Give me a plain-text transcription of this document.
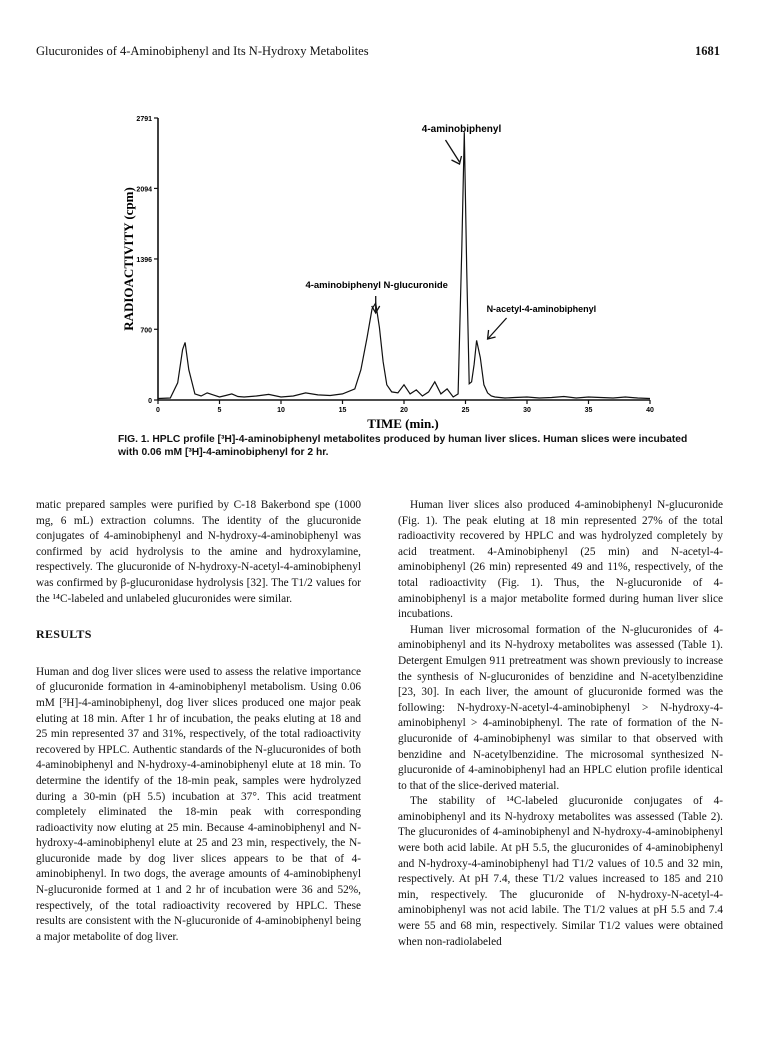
Glucuronides of 4-Aminobiphenyl and Its N-Hydroxy Metabolites	1681
0
700
1396
2094
2791
0	5	10	15	20	25	30	35	40
RADIOACTIVITY (cpm)
TIME (min.)
4-aminobiphenyl
4-aminobiphenyl N-glucuronide
N-acetyl-4-aminobiphenyl
FIG. 1. HPLC profile [³H]-4-aminobiphenyl metabolites produced by human liver slices. Human slices were incubated with 0.06 mM [³H]-4-aminobiphenyl for 2 hr.

matic prepared samples were purified by C-18 Bakerbond spe (1000 mg, 6 mL) extraction columns. The identity of the glucuronide conjugates of 4-aminobiphenyl and N-hydroxy-4-aminobiphenyl was confirmed by acid hydrolysis to the amine and hydroxylamine, respectively. The glucuronide of N-hydroxy-N-acetyl-4-aminobiphenyl was confirmed by β-glucuronidase hydrolysis [32]. The T1/2 values for the ¹⁴C-labeled and unlabeled glucuronides were similar.

RESULTS

Human and dog liver slices were used to assess the relative importance of glucuronide formation in 4-aminobiphenyl metabolism. Using 0.06 mM [³H]-4-aminobiphenyl, dog liver slices produced one major peak eluting at 18 min. After 1 hr of incubation, the peaks eluting at 18 and 25 min represented 37 and 31%, respectively, of the total radioactivity recovered by HPLC. Authentic standards of the N-glucuronides of both 4-aminobiphenyl and N-hydroxy-4-aminobiphenyl elute at 18 min. To determine the identify of the 18-min peak, samples were hydrolyzed during a 30-min (pH 5.5) incubation at 37°. This acid treatment completely eliminated the 18-min peak with corresponding radioactivity now eluting at 25 min. Because 4-aminobiphenyl and N-hydroxy-4-aminobiphenyl elute at 25 and 23 min, respectively, the N-glucuronide made by dog liver slices appears to be that of 4-aminobiphenyl. In two dogs, the average amounts of 4-aminobiphenyl N-glucuronide formed at 1 and 2 hr of incubation were 36 and 52%, respectively, of the total radioactivity recovered by HPLC. These results are consistent with the N-glucuronide of 4-aminobiphenyl being a major metabolite of dog liver.

Human liver slices also produced 4-aminobiphenyl N-glucuronide (Fig. 1). The peak eluting at 18 min represented 27% of the total radioactivity recovered by HPLC and was hydrolyzed completely by acid treatment. 4-Aminobiphenyl (25 min) and N-acetyl-4-aminobiphenyl (26 min) represented 49 and 11%, respectively, of the total radioactivity (Fig. 1). Thus, the N-glucuronide of 4-aminobiphenyl is a major metabolite formed during human liver slice incubations.

Human liver microsomal formation of the N-glucuronides of 4-aminobiphenyl and its N-hydroxy metabolites was assessed (Table 1). Detergent Emulgen 911 pretreatment was shown previously to increase the synthesis of N-glucuronides of benzidine and N-acetylbenzidine [23, 30]. In each liver, the amount of glucuronide formed was the following: N-hydroxy-N-acetyl-4-aminobiphenyl > N-hydroxy-4-aminobiphenyl > 4-aminobiphenyl. The rate of formation of the N-glucuronide of 4-aminobiphenyl was similar to that observed with benzidine and N-acetylbenzidine. The microsomal synthesized N-glucuronide of 4-aminobiphenyl had an HPLC elution profile identical to that of the slice-derived material.

The stability of ¹⁴C-labeled glucuronide conjugates of 4-aminobiphenyl and its N-hydroxy metabolites was assessed (Table 2). The glucuronides of 4-aminobiphenyl and N-hydroxy-4-aminobiphenyl were both acid labile. At pH 5.5, the glucuronides of 4-aminobiphenyl and N-hydroxy-4-aminobiphenyl had T1/2 values of 10.5 and 32 min, respectively. At pH 7.4, these T1/2 values increased to 185 and 210 min, respectively. The glucuronide of N-hydroxy-N-acetyl-4-aminobiphenyl was not acid labile. The T1/2 values at pH 5.5 and 7.4 were 55 and 68 min, respectively. Similar T1/2 values were obtained when non-radiolabeled
